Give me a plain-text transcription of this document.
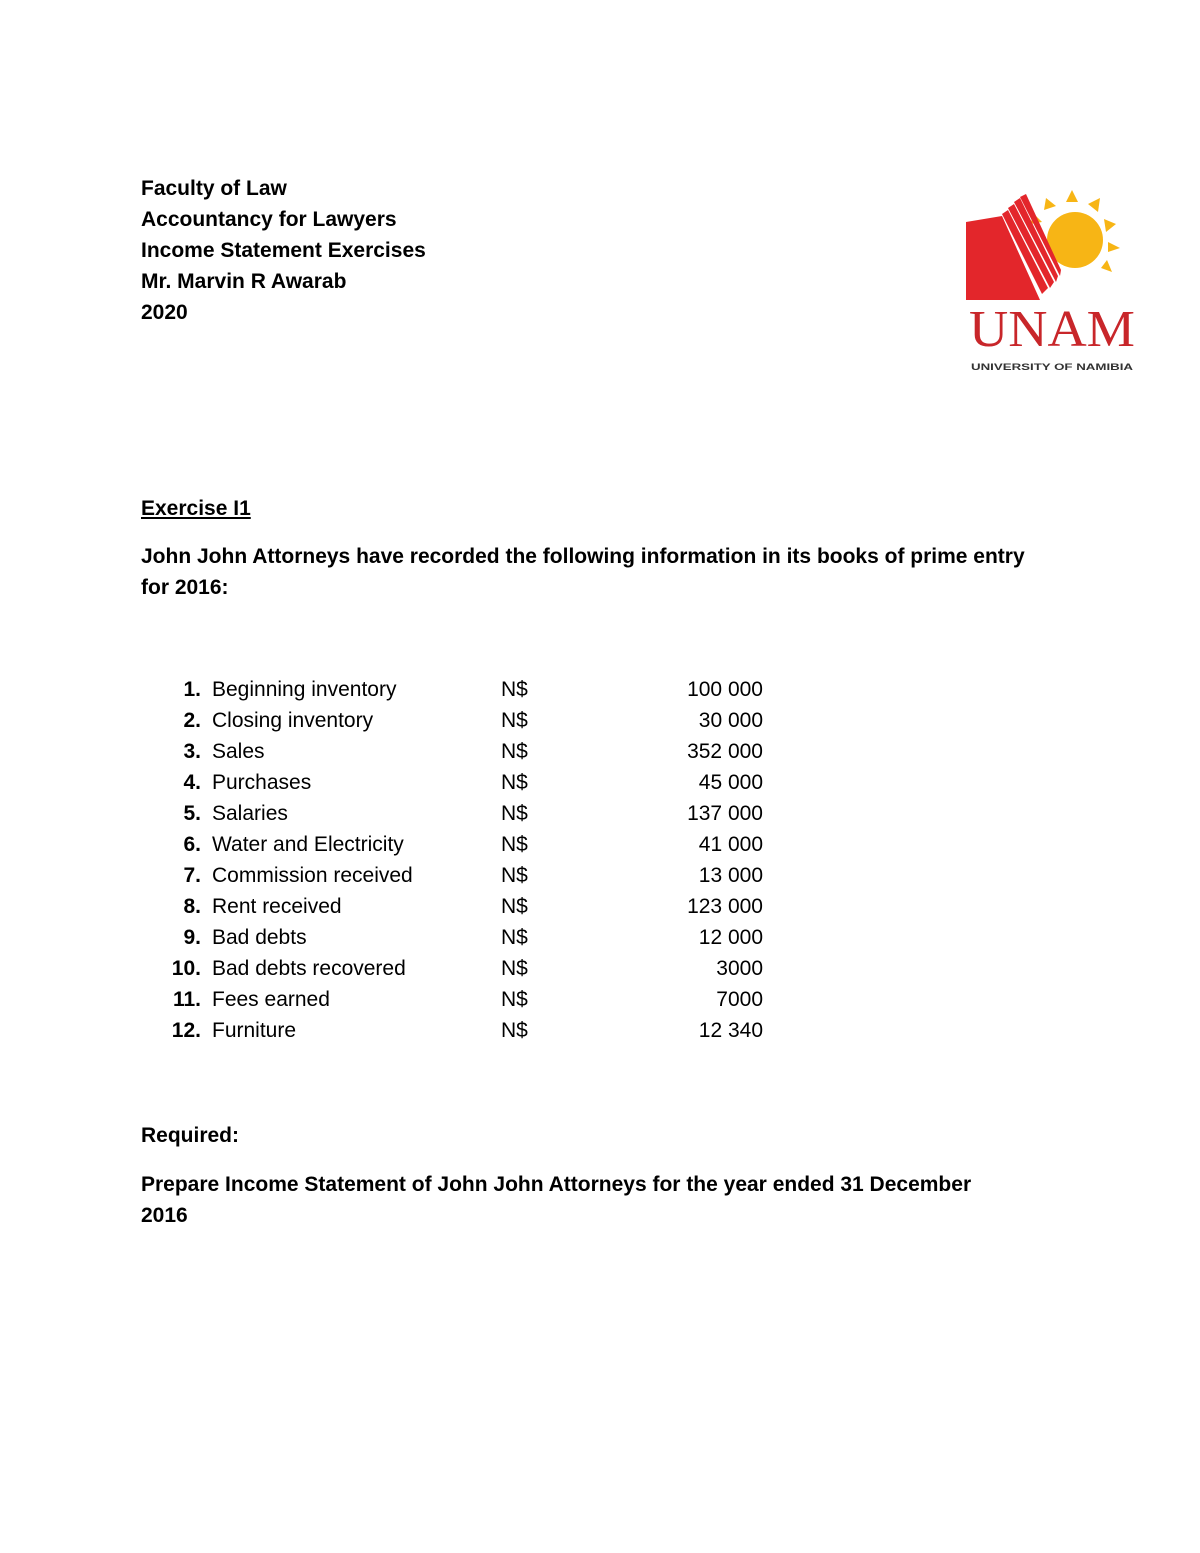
Faculty of Law
Accountancy for Lawyers
Income Statement Exercises
Mr. Marvin R Awarab
2020	UNAM
UNIVERSITY OF NAMIBIA
Exercise I1
John John Attorneys have recorded the following information in its books of prime entry for 2016:
1. Beginning inventory	N$	100 000
2. Closing inventory	N$	30 000
3. Sales	N$	352 000
4. Purchases	N$	45 000
5. Salaries	N$	137 000
6. Water and Electricity	N$	41 000
7. Commission received	N$	13 000
8. Rent received	N$	123 000
9. Bad debts	N$	12 000
10. Bad debts recovered	N$	3000
11. Fees earned	N$	7000
12. Furniture	N$	12 340
Required:
Prepare Income Statement of John John Attorneys for the year ended 31 December 2016
